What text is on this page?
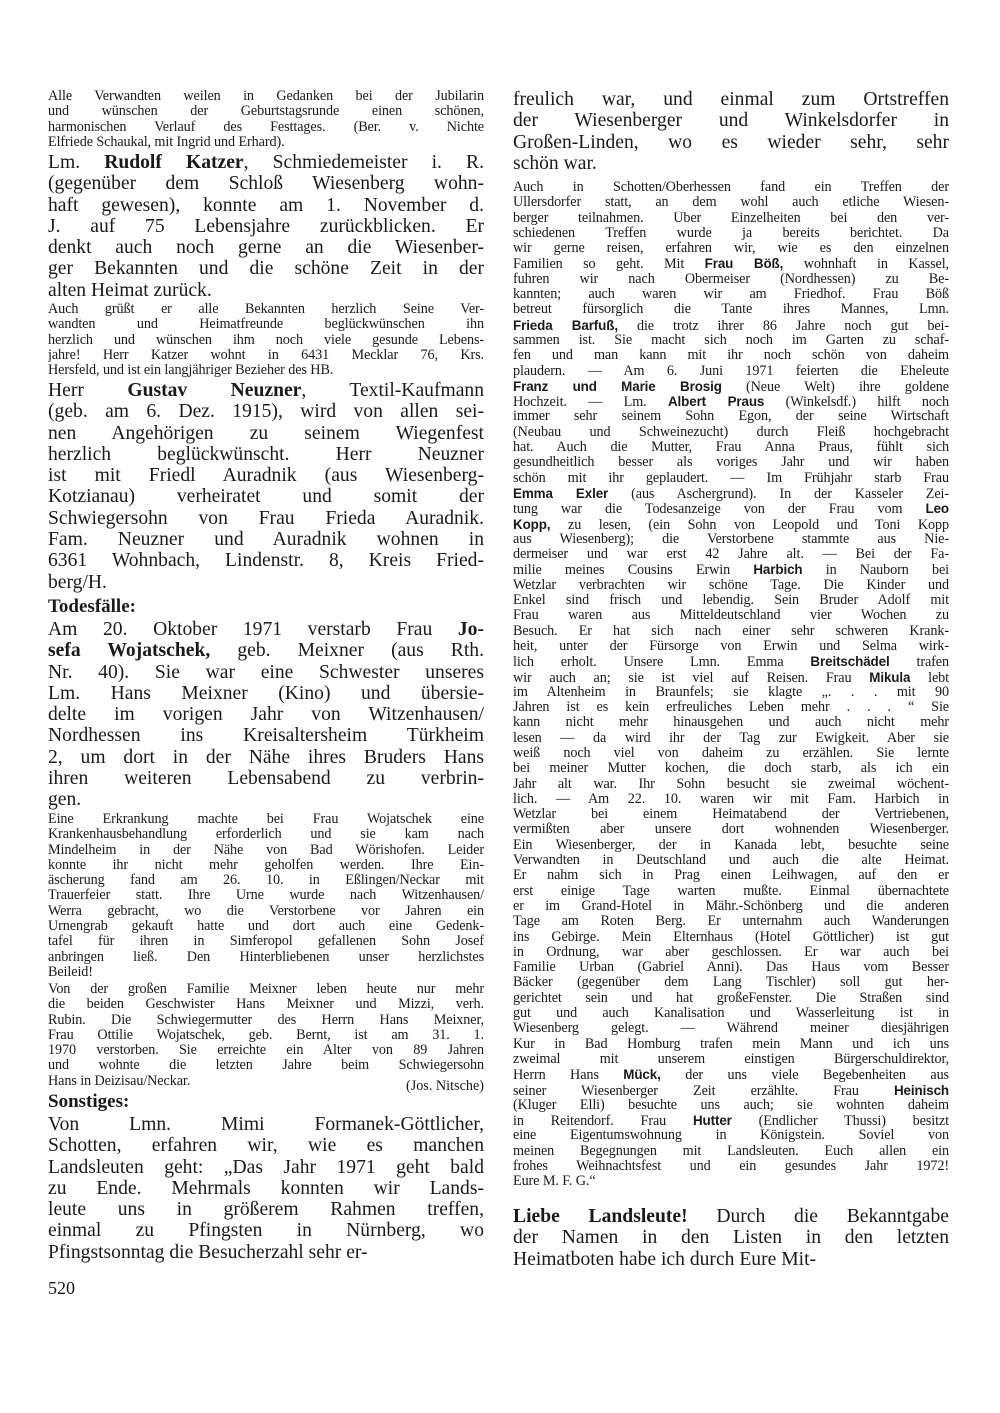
Alle Verwandten weilen in Gedanken bei der Jubilarin
und wünschen der Geburtstagsrunde einen schönen,
harmonischen Verlauf des Festtages. (Ber. v. Nichte
Elfriede Schaukal, mit Ingrid und Erhard).
Lm. Rudolf Katzer, Schmiedemeister i. R.
(gegenüber dem Schloß Wiesenberg wohn-
haft gewesen), konnte am 1. November d.
J. auf 75 Lebensjahre zurückblicken. Er
denkt auch noch gerne an die Wiesenber-
ger Bekannten und die schöne Zeit in der
alten Heimat zurück.
Auch grüßt er alle Bekannten herzlich Seine Ver-
wandten und Heimatfreunde beglückwünschen ihn
herzlich und wünschen ihm noch viele gesunde Lebens-
jahre! Herr Katzer wohnt in 6431 Mecklar 76, Krs.
Hersfeld, und ist ein langjähriger Bezieher des HB.
Herr Gustav Neuzner, Textil-Kaufmann
(geb. am 6. Dez. 1915), wird von allen sei-
nen Angehörigen zu seinem Wiegenfest
herzlich beglückwünscht. Herr Neuzner
ist mit Friedl Auradnik (aus Wiesenberg-
Kotzianau) verheiratet und somit der
Schwiegersohn von Frau Frieda Auradnik.
Fam. Neuzner und Auradnik wohnen in
6361 Wohnbach, Lindenstr. 8, Kreis Fried-
berg/H.
Todesfälle:
Am 20. Oktober 1971 verstarb Frau Jo-
sefa Wojatschek, geb. Meixner (aus Rth.
Nr. 40). Sie war eine Schwester unseres
Lm. Hans Meixner (Kino) und übersie-
delte im vorigen Jahr von Witzenhausen/
Nordhessen ins Kreisaltersheim Türkheim
2, um dort in der Nähe ihres Bruders Hans
ihren weiteren Lebensabend zu verbrin-
gen.
Eine Erkrankung machte bei Frau Wojatschek eine
Krankenhausbehandlung erforderlich und sie kam nach
Mindelheim in der Nähe von Bad Wörishofen. Leider
konnte ihr nicht mehr geholfen werden. Ihre Ein-
äscherung fand am 26. 10. in Eßlingen/Neckar mit
Trauerfeier statt. Ihre Urne wurde nach Witzenhausen/
Werra gebracht, wo die Verstorbene vor Jahren ein
Urnengrab gekauft hatte und dort auch eine Gedenk-
tafel für ihren in Simferopol gefallenen Sohn Josef
anbringen ließ. Den Hinterbliebenen unser herzlichstes
Beileid!
Von der großen Familie Meixner leben heute nur mehr
die beiden Geschwister Hans Meixner und Mizzi, verh.
Rubin. Die Schwiegermutter des Herrn Hans Meixner,
Frau Ottilie Wojatschek, geb. Bernt, ist am 31. 1.
1970 verstorben. Sie erreichte ein Alter von 89 Jahren
und wohnte die letzten Jahre beim Schwiegersohn
Hans in Deizisau/Neckar.	(Jos. Nitsche)
Sonstiges:
Von Lmn. Mimi Formanek-Göttlicher,
Schotten, erfahren wir, wie es manchen
Landsleuten geht: „Das Jahr 1971 geht bald
zu Ende. Mehrmals konnten wir Lands-
leute uns in größerem Rahmen treffen,
einmal zu Pfingsten in Nürnberg, wo
Pfingstsonntag die Besucherzahl sehr er-
520
freulich war, und einmal zum Ortstreffen
der Wiesenberger und Winkelsdorfer in
Großen-Linden, wo es wieder sehr, sehr
schön war.
Auch in Schotten/Oberhessen fand ein Treffen der
Ullersdorfer statt, an dem wohl auch etliche Wiesen-
berger teilnahmen. Über Einzelheiten bei den ver-
schiedenen Treffen wurde ja bereits berichtet. Da
wir gerne reisen, erfahren wir, wie es den einzelnen
Familien so geht. Mit Frau Böß, wohnhaft in Kassel,
fuhren wir nach Obermeiser (Nordhessen) zu Be-
kannten; auch waren wir am Friedhof. Frau Böß
betreut fürsorglich die Tante ihres Mannes, Lmn.
Frieda Barfuß, die trotz ihrer 86 Jahre noch gut bei-
sammen ist. Sie macht sich noch im Garten zu schaf-
fen und man kann mit ihr noch schön von daheim
plaudern. — Am 6. Juni 1971 feierten die Eheleute
Franz und Marie Brosig (Neue Welt) ihre goldene
Hochzeit. — Lm. Albert Praus (Winkelsdf.) hilft noch
immer sehr seinem Sohn Egon, der seine Wirtschaft
(Neubau und Schweinezucht) durch Fleiß hochgebracht
hat. Auch die Mutter, Frau Anna Praus, fühlt sich
gesundheitlich besser als voriges Jahr und wir haben
schön mit ihr geplaudert. — Im Frühjahr starb Frau
Emma Exler (aus Aschergrund). In der Kasseler Zei-
tung war die Todesanzeige von der Frau vom Leo
Kopp, zu lesen, (ein Sohn von Leopold und Toni Kopp
aus Wiesenberg); die Verstorbene stammte aus Nie-
dermeiser und war erst 42 Jahre alt. — Bei der Fa-
milie meines Cousins Erwin Harbich in Nauborn bei
Wetzlar verbrachten wir schöne Tage. Die Kinder und
Enkel sind frisch und lebendig. Sein Bruder Adolf mit
Frau waren aus Mitteldeutschland vier Wochen zu
Besuch. Er hat sich nach einer sehr schweren Krank-
heit, unter der Fürsorge von Erwin und Selma wirk-
lich erholt. Unsere Lmn. Emma Breitschädel trafen
wir auch an; sie ist viel auf Reisen. Frau Mikula lebt
im Altenheim in Braunfels; sie klagte „. . . mit 90
Jahren ist es kein erfreuliches Leben mehr . . . “ Sie
kann nicht mehr hinausgehen und auch nicht mehr
lesen — da wird ihr der Tag zur Ewigkeit. Aber sie
weiß noch viel von daheim zu erzählen. Sie lernte
bei meiner Mutter kochen, die doch starb, als ich ein
Jahr alt war. Ihr Sohn besucht sie zweimal wöchent-
lich. — Am 22. 10. waren wir mit Fam. Harbich in
Wetzlar bei einem Heimatabend der Vertriebenen,
vermißten aber unsere dort wohnenden Wiesenberger.
Ein Wiesenberger, der in Kanada lebt, besuchte seine
Verwandten in Deutschland und auch die alte Heimat.
Er nahm sich in Prag einen Leihwagen, auf den er
erst einige Tage warten mußte. Einmal übernachtete
er im Grand-Hotel in Mähr.-Schönberg und die anderen
Tage am Roten Berg. Er unternahm auch Wanderungen
ins Gebirge. Mein Elternhaus (Hotel Göttlicher) ist gut
in Ordnung, war aber geschlossen. Er war auch bei
Familie Urban (Gabriel Anni). Das Haus vom Besser
Bäcker (gegenüber dem Lang Tischler) soll gut her-
gerichtet sein und hat großeFenster. Die Straßen sind
gut und auch Kanalisation und Wasserleitung ist in
Wiesenberg gelegt. — Während meiner diesjährigen
Kur in Bad Homburg trafen mein Mann und ich uns
zweimal mit unserem einstigen Bürgerschuldirektor,
Herrn Hans Mück, der uns viele Begebenheiten aus
seiner Wiesenberger Zeit erzählte. Frau Heinisch
(Kluger Elli) besuchte uns auch; sie wohnten daheim
in Reitendorf. Frau Hutter (Endlicher Thussi) besitzt
eine Eigentumswohnung in Königstein. Soviel von
meinen Begegnungen mit Landsleuten. Euch allen ein
frohes Weihnachtsfest und ein gesundes Jahr 1972!
Eure M. F. G.“
Liebe Landsleute! Durch die Bekanntgabe
der Namen in den Listen in den letzten
Heimatboten habe ich durch Eure Mit-
